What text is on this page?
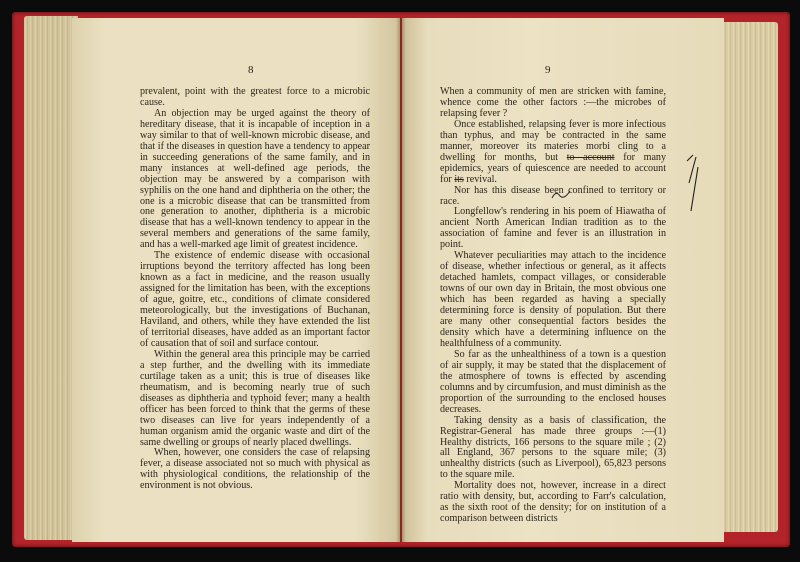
8

prevalent, point with the greatest force to a microbic cause.

An objection may be urged against the theory of hereditary disease, that it is incapable of inception in a way similar to that of well-known microbic disease, and that if the diseases in question have a tendency to appear in succeeding generations of the same family, and in many instances at well-defined age periods, the objection may be answered by a comparison with syphilis on the one hand and diphtheria on the other; the one is a microbic disease that can be transmitted from one generation to another, diphtheria is a microbic disease that has a well-known tendency to appear in the several members and generations of the same family, and has a well-marked age limit of greatest incidence.

The existence of endemic disease with occasional irruptions beyond the territory affected has long been known as a fact in medicine, and the reason usually assigned for the limitation has been, with the exceptions of ague, goitre, etc., conditions of climate considered meteorologically, but the investigations of Buchanan, Haviland, and others, while they have extended the list of territorial diseases, have added as an important factor of causation that of soil and surface contour.

Within the general area this principle may be carried a step further, and the dwelling with its immediate curtilage taken as a unit; this is true of diseases like rheumatism, and is becoming nearly true of such diseases as diphtheria and typhoid fever; many a health officer has been forced to think that the germs of these two diseases can live for years independently of a human organism amid the organic waste and dirt of the same dwelling or groups of nearly placed dwellings.

When, however, one considers the case of relapsing fever, a disease associated not so much with physical as with physiological conditions, the relationship of the environment is not obvious.

9

When a community of men are stricken with famine, whence come the other factors :—the microbes of relapsing fever ?

Once established, relapsing fever is more infectious than typhus, and may be contracted in the same manner, moreover its materies morbi cling to a dwelling for months, but to account for many epidemics, years of quiescence are needed to account for its revival.

Nor has this disease been confined to territory or race.

Longfellow's rendering in his poem of Hiawatha of ancient North American Indian tradition as to the association of famine and fever is an illustration in point.

Whatever peculiarities may attach to the incidence of disease, whether infectious or general, as it affects detached hamlets, compact villages, or considerable towns of our own day in Britain, the most obvious one which has been regarded as having a specially determining force is density of population. But there are many other consequential factors besides the density which have a determining influence on the healthfulness of a community.

So far as the unhealthiness of a town is a question of air supply, it may be stated that the displacement of the atmosphere of towns is effected by ascending columns and by circumfusion, and must diminish as the proportion of the surrounding to the enclosed houses decreases.

Taking density as a basis of classification, the Registrar-General has made three groups :—(1) Healthy districts, 166 persons to the square mile ; (2) all England, 367 persons to the square mile; (3) unhealthy districts (such as Liverpool), 65,823 persons to the square mile.

Mortality does not, however, increase in a direct ratio with density, but, according to Farr's calculation, as the sixth root of the density; for on institution of a comparison between districts
